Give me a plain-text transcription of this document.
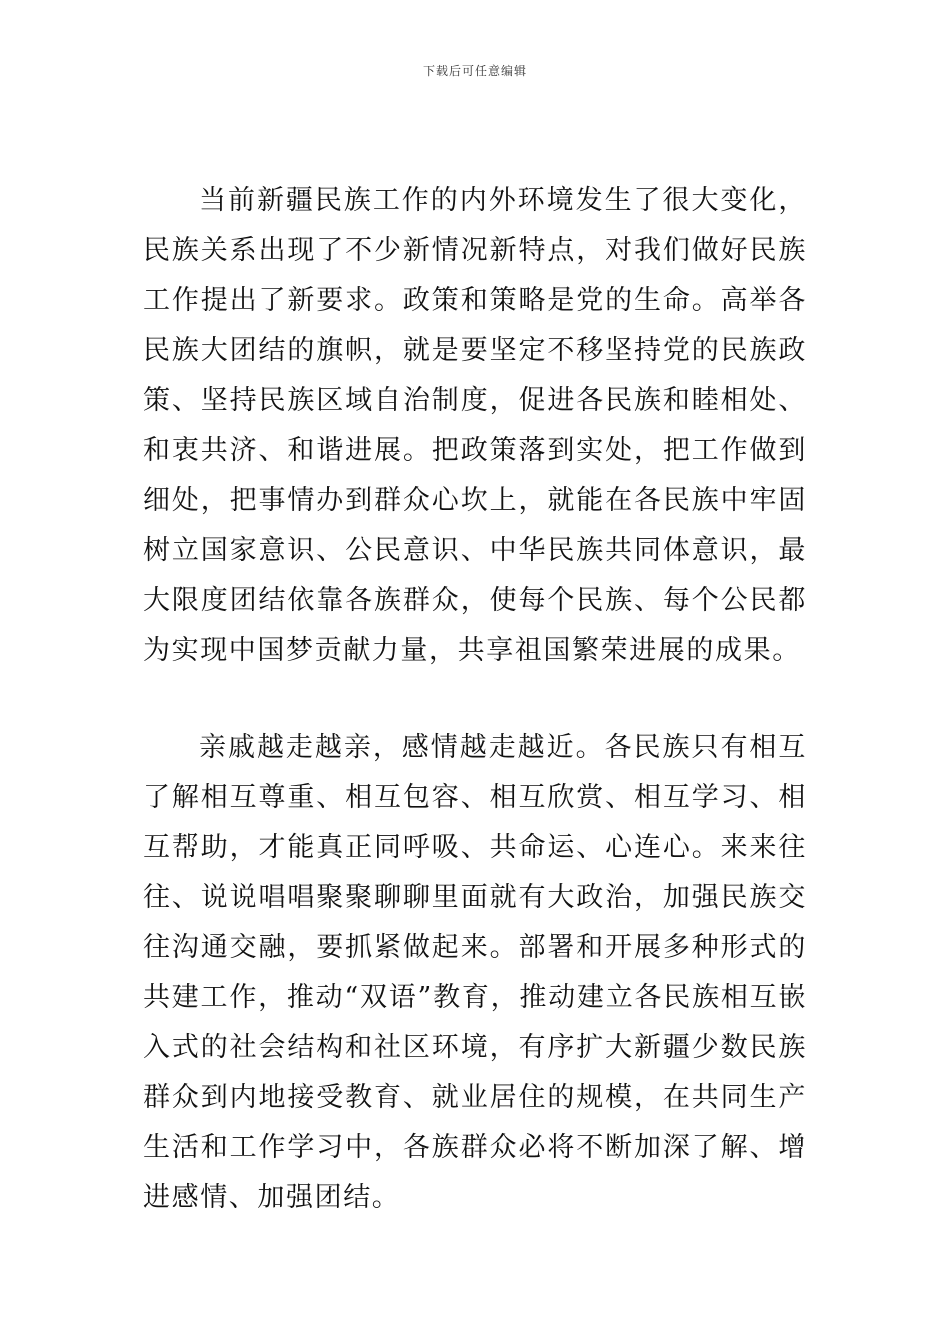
下载后可任意编辑

当前新疆民族工作的内外环境发生了很大变化，民族关系出现了不少新情况新特点，对我们做好民族工作提出了新要求。政策和策略是党的生命。高举各民族大团结的旗帜，就是要坚定不移坚持党的民族政策、坚持民族区域自治制度，促进各民族和睦相处、和衷共济、和谐进展。把政策落到实处，把工作做到细处，把事情办到群众心坎上，就能在各民族中牢固树立国家意识、公民意识、中华民族共同体意识，最大限度团结依靠各族群众，使每个民族、每个公民都为实现中国梦贡献力量，共享祖国繁荣进展的成果。

亲戚越走越亲，感情越走越近。各民族只有相互了解相互尊重、相互包容、相互欣赏、相互学习、相互帮助，才能真正同呼吸、共命运、心连心。来来往往、说说唱唱聚聚聊聊里面就有大政治，加强民族交往沟通交融，要抓紧做起来。部署和开展多种形式的共建工作，推动“双语”教育，推动建立各民族相互嵌入式的社会结构和社区环境，有序扩大新疆少数民族群众到内地接受教育、就业居住的规模，在共同生产生活和工作学习中，各族群众必将不断加深了解、增进感情、加强团结。
